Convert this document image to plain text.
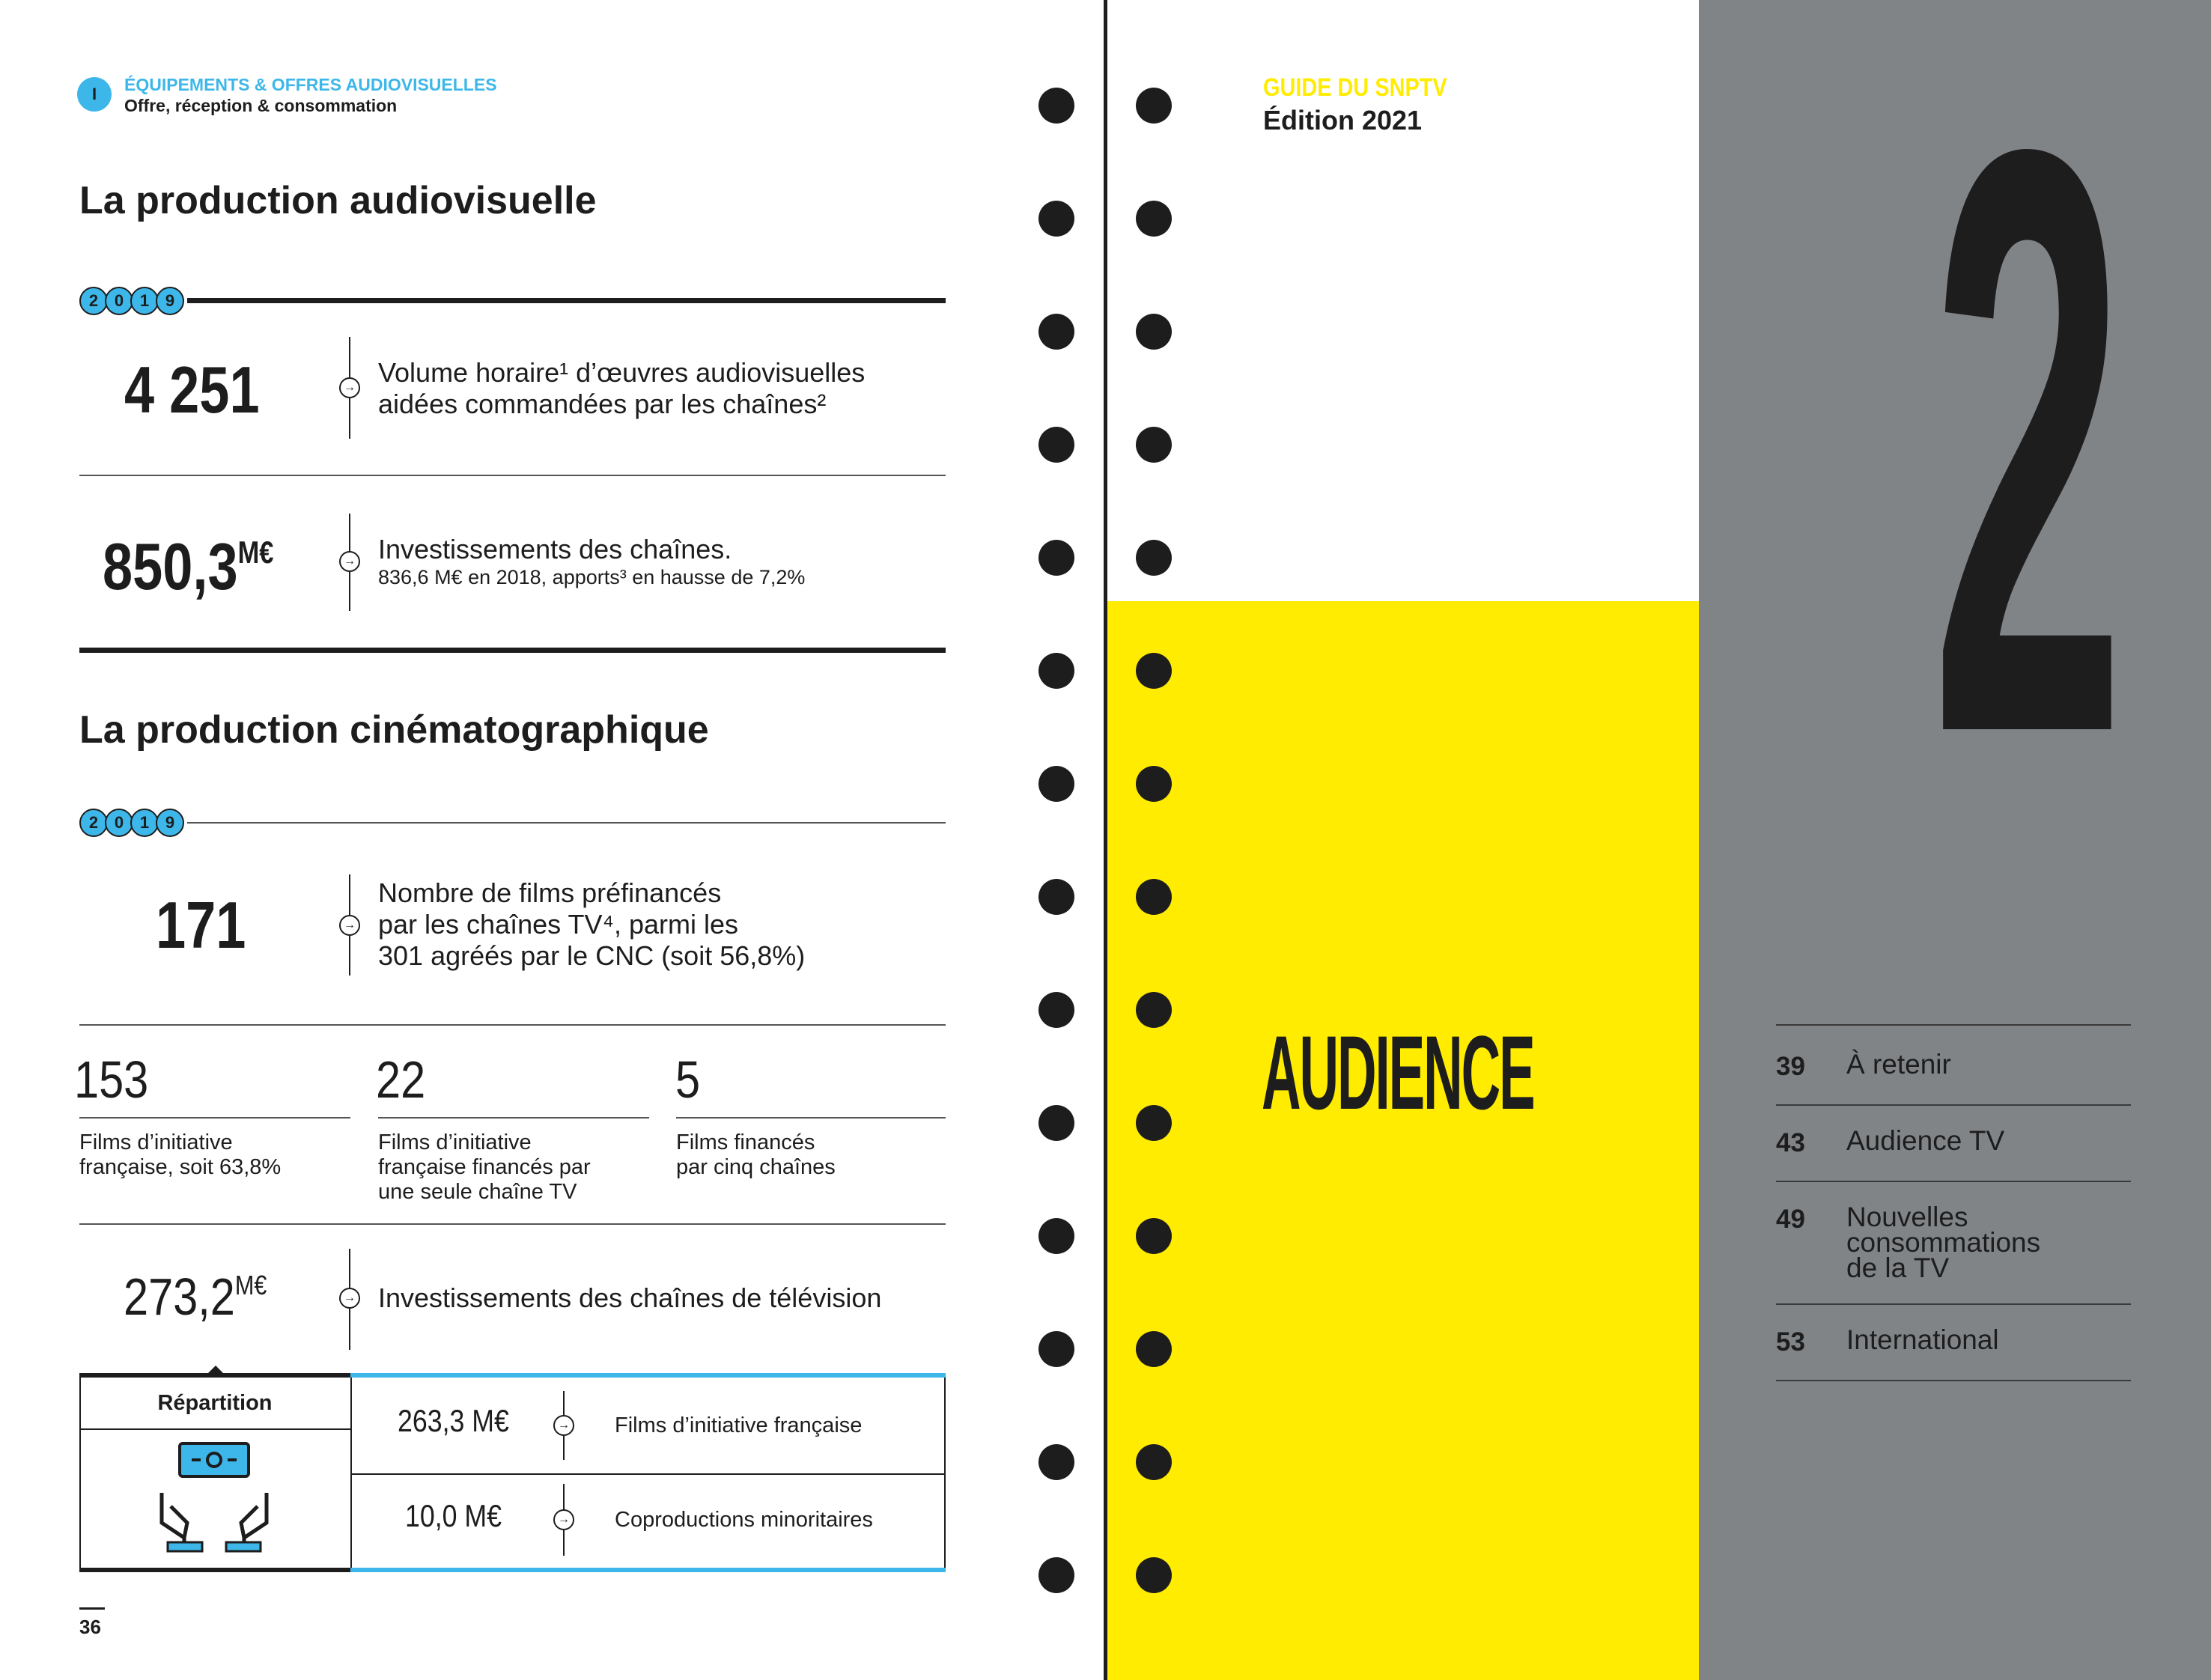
I	ÉQUIPEMENTS & OFFRES AUDIOVISUELLES
Offre, réception & consommation
La production audiovisuelle
2 0 1 9
4 251	→ Volume horaire¹ d’œuvres audiovisuelles
aidées commandées par les chaînes²
$850,3^{M€}$	→ Investissements des chaînes.
836,6 M€ en 2018, apports³ en hausse de 7,2%
La production cinématographique
2 0 1 9
171	→
Nombre de films préfinancés
par les chaînes TV⁴, parmi les
301 agréés par le CNC (soit 56,8%)
153
Films d’initiative
française, soit 63,8%
22
Films d’initiative
française financés par
une seule chaîne TV
5
Films financés
par cinq chaînes
$273,2^{M€}$	→ Investissements des chaînes de télévision
Répartition
263,3 M€	→ Films d’initiative française
10,0 M€	→ Coproductions minoritaires
36
GUIDE DU SNPTV
Édition 2021
AUDIENCE
2
39	À retenir
43	Audience TV
49	Nouvelles
consommations
de la TV
53	International
